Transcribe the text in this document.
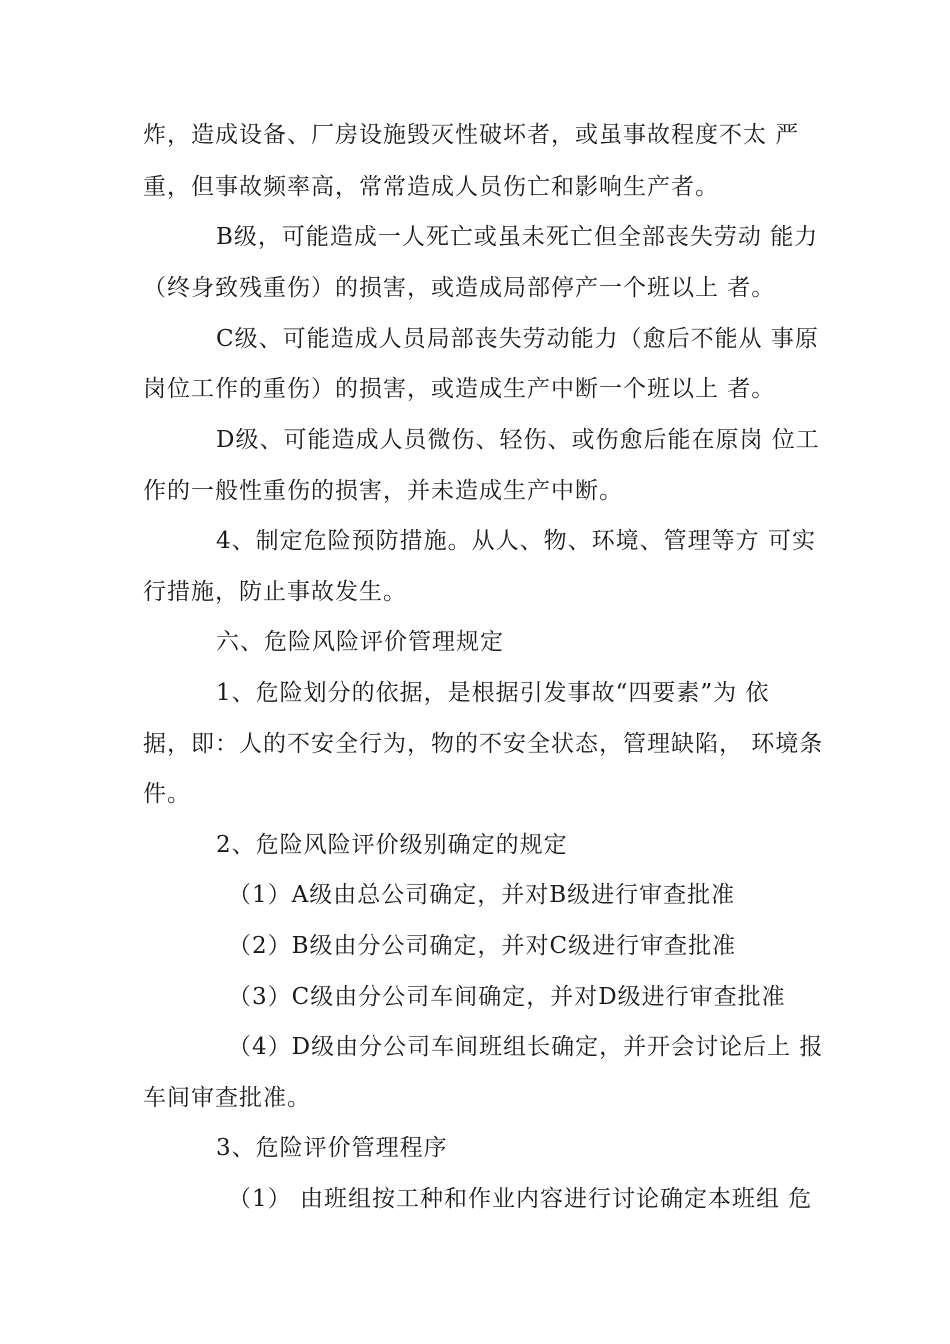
炸，造成设备、厂房设施毁灭性破坏者，或虽事故程度不太 严
重，但事故频率高，常常造成人员伤亡和影响生产者。
B级，可能造成一人死亡或虽未死亡但全部丧失劳动 能力
（终身致残重伤）的损害，或造成局部停产一个班以上 者。
C级、可能造成人员局部丧失劳动能力（愈后不能从 事原
岗位工作的重伤）的损害，或造成生产中断一个班以上 者。
D级、可能造成人员微伤、轻伤、或伤愈后能在原岗 位工
作的一般性重伤的损害，并未造成生产中断。
4、制定危险预防措施。从人、物、环境、管理等方 可实
行措施，防止事故发生。
六、危险风险评价管理规定
1、危险划分的依据，是根据引发事故“四要素”为 依
据，即：人的不安全行为，物的不安全状态，管理缺陷， 环境条
件。
2、危险风险评价级别确定的规定
（1）A级由总公司确定，并对B级进行审查批准
（2）B级由分公司确定，并对C级进行审查批准
（3）C级由分公司车间确定，并对D级进行审查批准
（4）D级由分公司车间班组长确定，并开会讨论后上 报
车间审查批准。
3、危险评价管理程序
（1） 由班组按工种和作业内容进行讨论确定本班组 危
